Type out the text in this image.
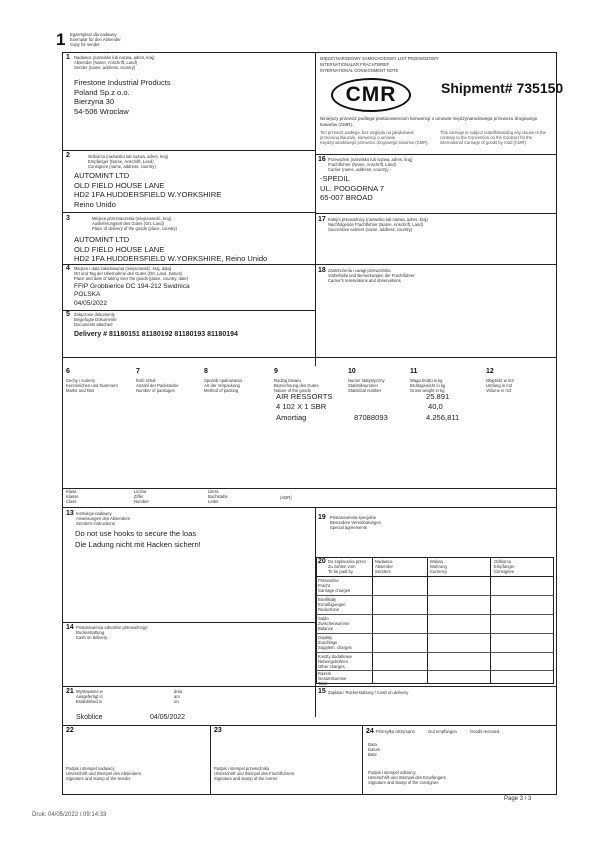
1 Egzemplarz dla nadawcy
Exemplar fur den Absender
Copy for sender
1 Nadawca (nazwisko lub nazwa, adres, kraj)
Absender (Name, Anschrift, Land)
Sender (name, address, country)
Firestone Industrial Products
Poland Sp.z o.o.
Bierzyna 30
54-506 Wroclaw
MIĘDZYNARODOWY SAMOCHODOWY LIST PRZEWOZOWY
INTERNATIONALER FRACHTBRIEF
INTERNATIONAL CONSIGNMENT NOTE
CMR	Shipment# 735150
Niniejszy przewóz podlega postanowieniom konwencji o umowie międzynarodowego przewozu drogowego towarów (CMR).
Ten przewóz podlega, bez względu na jakąkolwiek przeciwną klauzulę, konwencji o umowie międzynarodowego przewozu drogowego towarów (CMR).
This carriage is subject notwithstanding any clause to the contrary to the Convention on the Contract for the international Carriage of goods by road (CMR).
2	Odbiorca (nazwisko lub nazwa, adres, kraj)
Empfanger (Name, Anschrift, Land)
Consignee (name, address, country)
AUTOMINT LTD
OLD FIELD HOUSE LANE
HD2 1FA HUDDERSFIELD W.YORKSHIRE
Reino Unido
16 Przewoźnik (nazwisko lub nazwa, adres, kraj)
Frachtfuhrer (Name, Anschrift, Land)
Carrier (name, address, country)
-SPEDIL
UL. PODGORNA 7
65-007 BROAD
3	Miejsce przeznaczenia (miejscowość, kraj)
Auslieferungsort des Gutes (Ort, Land)
Place of delivery of the goods (place, country)
AUTOMINT LTD
OLD FIELD HOUSE LANE
HD2 1FA HUDDERSFIELD W.YORKSHIRE, Reino Unido
17 Kolejni przewoźnicy (nazwisko lub nazwa, adres, kraj)
Nachfolgende Frachtfuhrer (Name, Anschrift, Land)
Successive carriers (name, address, country)
4 Miejsce i data załadowania (miejscowość, kraj, data)
Ort und Tag der Ubernahme des Gutes (Ort, Land, Datum)
Place and date of taking over the goods (place, country, date)
FFIP Grobbierice DC 194-212 Swidnica
POLSKA
04/05/2022
18 Zastrzeżenia i uwagi przewoźnika
Vorbehalte und Bemerkungen der Frachtfuhrer
Carrier's reservations and observations
5 Załączone dokumenty
Beigefugte Dokumente
Documents attached
Delivery # 81180151 81180192 81180193 81180194
6
Cechy i numery
Kennzeichen und Nummern
Marks and Nos
7
Ilość sztuk
Anzahl der Packstucke
Number of packages
8
Sposób opakowania
Art der Verpackung
Method of packing
9
Rodzaj towaru
Bezeichnung des Gutes
Nature of the goods
10
Numer statystyczny
Statistiknummer
Statistical number
11
Waga brutto w kg
Bruttogewicht in kg
Gross weight in kg
12
Objętość w m3
Umfang in m3
Volume in m3
AIR RESSORTS	25.891
4 102 X 1 SBR	40,0
Amortiag	87088093	4.256,811
Klasa
Klasse
Class
Liczba
Ziffer
Number
Litera
Buchstabe
Letter
(ADR)
13 Instrukcje nadawcy
Anweisungen des Absenders
Sender's instructions
Do not use hooks to secure the loas
Die Ladung nicht mit Hacken sichern!
19 Postanowienia specjalne
Besondere Vereinbarungen
Special agreements
20 Do zapłacenia przez
Zu zahlen vom
To be paid by
Nadawca
Absender
Senders
Waluta
Wahrung
Currency
Odbiorca
Empfanger
Consignee
Przewoźne
Fracht
Carriage charges
Bonifikaty
Ermäßigungen
Reductions
Saldo
Zwischensumme
Balance
Dopłaty
Zuschläge
Supplem. charges
Koszty dodatkowe
Nebengebühren
Other charges
Razem
Gesamtsumme
Total
14 Postanowienia odnośnie przewoźnego
Ruckerstattung
Cash on delivery
21 Wystawiono w
Ausgefertigt in
Established in
dnia
am
on
Skoblice	04/05/2022
15 Zapłata / Rückerstattung / Cash on delivery
22
Podpis i stempel nadawcy
Unterschrift und Stempel des Absenders
Signature and stamp of the sender
23
Podpis i stempel przewoźnika
Unterschrift und Stempel des Frachtfuhrers
Signature and stamp of the carrier
24 Przesyłkę otrzymano	Gut empfangen	Goods received
Data
Datum
Date
Podpis i stempel odbiorcy
Unterschrift und Stempel des Empfangers
Signature and stamp of the consignee
Page 3 / 3
Druk: 04/05/2022 / 09:14:33
